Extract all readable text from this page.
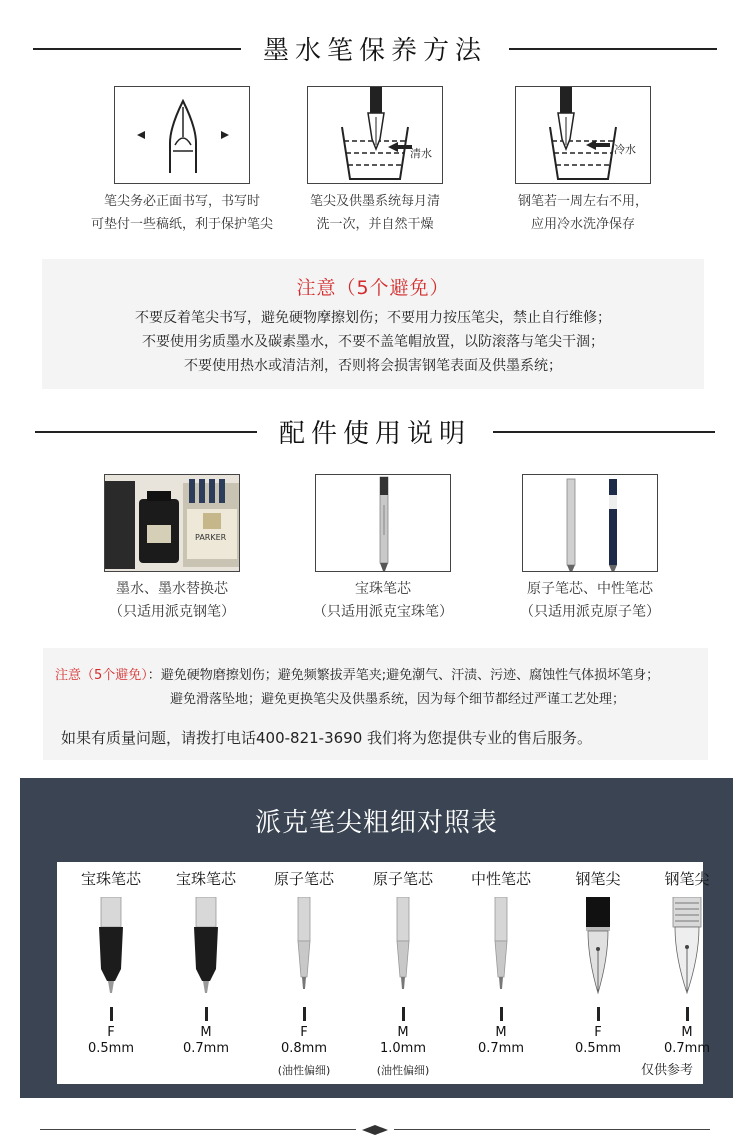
墨水笔保养方法
笔尖务必正面书写，书写时
可垫付一些稿纸，利于保护笔尖
清水
笔尖及供墨系统每月清
洗一次，并自然干燥
冷水
钢笔若一周左右不用，
应用冷水洗净保存
注意（5个避免）
不要反着笔尖书写，避免硬物摩擦划伤；不要用力按压笔尖，禁止自行维修；
不要使用劣质墨水及碳素墨水，不要不盖笔帽放置，以防滚落与笔尖干涸；
不要使用热水或清洁剂，否则将会损害钢笔表面及供墨系统；
配件使用说明
PARKER
墨水、墨水替换芯
（只适用派克钢笔）
宝珠笔芯
（只适用派克宝珠笔）
原子笔芯、中性笔芯
（只适用派克原子笔）
注意（5个避免）：避免硬物磨擦划伤；避免频繁拔弄笔夹;避免潮气、汗渍、污迹、腐蚀性气体损坏笔身；
避免滑落坠地；避免更换笔尖及供墨系统，因为每个细节都经过严谨工艺处理；
如果有质量问题，请拨打电话400-821-3690 我们将为您提供专业的售后服务。
派克笔尖粗细对照表
宝珠笔芯
F
0.5mm
宝珠笔芯
M
0.7mm
原子笔芯
F
0.8mm
(油性偏细)
原子笔芯
M
1.0mm
(油性偏细)
中性笔芯
M
0.7mm
钢笔尖
F
0.5mm
钢笔尖
M
0.7mm
仅供参考
